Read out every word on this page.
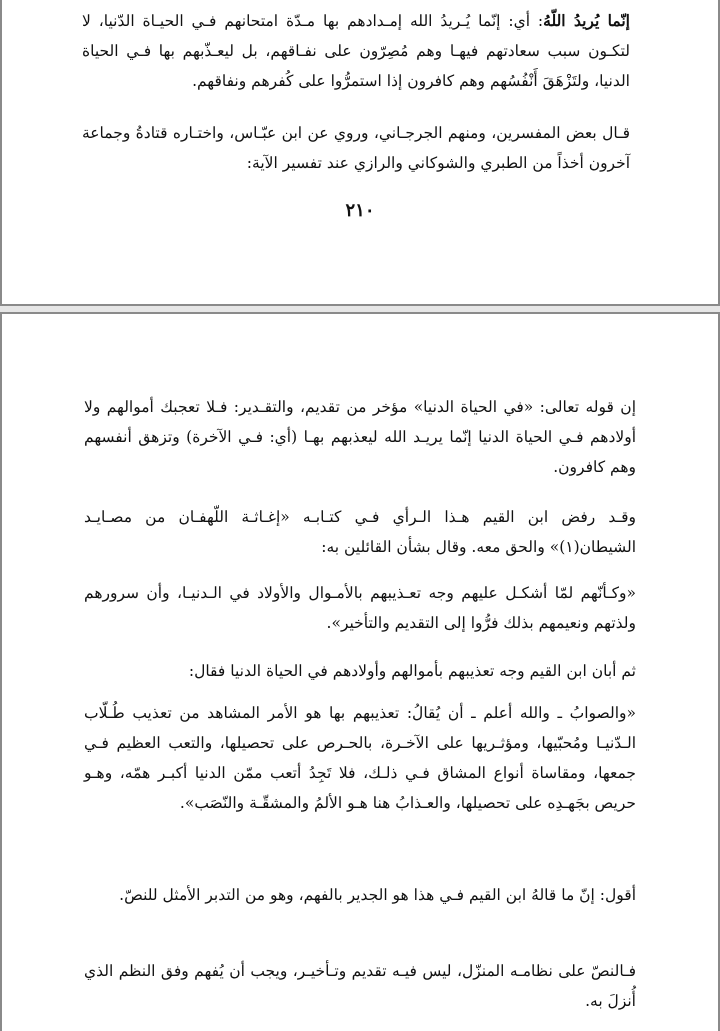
إنّما يُريدُ اللّهُ: أي: إنّما يُـريدُ الله إمـدادهم بها مـدّة امتحانهم فـي الحيـاة الدّنيا، لا لتكـون سبب سعادتهم فيهـا وهم مُصِرّون على نفـاقهم، بل ليعـذّبهم بها فـي الحياة الدنيا، ولتَزْهَقَ أَنْفُسُهم وهم كافرون إذا استمرُّوا على كُفرهم ونفاقهم.

قـال بعض المفسرين، ومنهم الجرجـاني، وروي عن ابن عبّـاس، واختـاره قتادةُ وجماعة آخرون أخذاً من الطبري والشوكاني والرازي عند تفسير الآية:

٢١٠

إن قوله تعالى: «في الحياة الدنيا» مؤخر من تقديم، والتقـدير: فـلا تعجبك أموالهم ولا أولادهم فـي الحياة الدنيا إنّما يريـد الله ليعذبهم بهـا (أي: فـي الآخرة) وتزهق أنفسهم وهم كافرون.

وقـد رفض ابن القيم هـذا الـرأي فـي كتـابـه «إغـاثـة اللّهفـان من مصـايـد الشيطان(١)» والحق معه. وقال بشأن القائلين به:

«وكـأنّهم لمّا أشكـل عليهم وجه تعـذيبهم بالأمـوال والأولاد في الـدنيـا، وأن سرورهم ولذتهم ونعيمهم بذلك فرُّوا إلى التقديم والتأخير».

ثم أبان ابن القيم وجه تعذيبهم بأموالهم وأولادهم في الحياة الدنيا فقال:

«والصوابُ ـ والله أعلم ـ أن يُقالُ: تعذيبهم بها هو الأمر المشاهد من تعذيب طُـلّاب الـدّنيـا ومُحبّيها، ومؤثـريها على الآخـرة، بالحـرص على تحصيلها، والتعب العظيم فـي جمعها، ومقاساة أنواع المشاق فـي ذلـك، فلا تَجِدُ أتعب ممّن الدنيا أكبـر همّه، وهـو حريص بجَهـدِه على تحصيلها، والعـذابُ هنا هـو الألمُ والمشقّـة والنّصَب».

أقول: إنّ ما قالهُ ابن القيم فـي هذا هو الجدير بالفهم، وهو من التدبر الأمثل للنصّ.

فـالنصّ على نظامـه المنزّل، ليس فيـه تقديم وتـأخيـر، ويجب أن يُفهم وفق النظم الذي أُنزلَ به.
